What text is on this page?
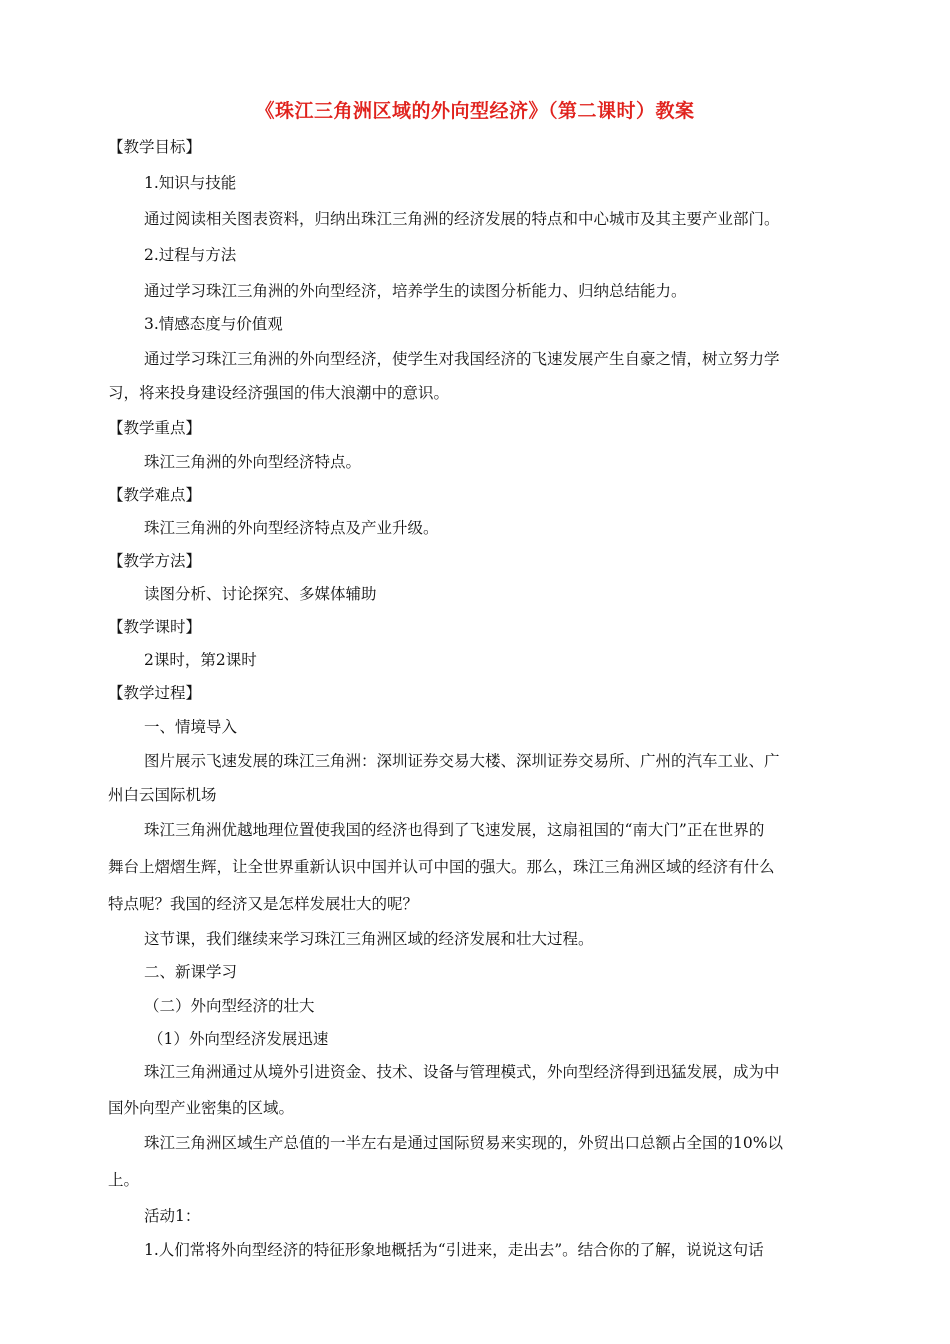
《珠江三角洲区域的外向型经济》（第二课时）教案
【教学目标】
1.知识与技能
通过阅读相关图表资料，归纳出珠江三角洲的经济发展的特点和中心城市及其主要产业部门。
2.过程与方法
通过学习珠江三角洲的外向型经济，培养学生的读图分析能力、归纳总结能力。
3.情感态度与价值观
通过学习珠江三角洲的外向型经济，使学生对我国经济的飞速发展产生自豪之情，树立努力学
习，将来投身建设经济强国的伟大浪潮中的意识。
【教学重点】
珠江三角洲的外向型经济特点。
【教学难点】
珠江三角洲的外向型经济特点及产业升级。
【教学方法】
读图分析、讨论探究、多媒体辅助
【教学课时】
2课时，第2课时
【教学过程】
一、情境导入
图片展示飞速发展的珠江三角洲：深圳证券交易大楼、深圳证券交易所、广州的汽车工业、广
州白云国际机场
珠江三角洲优越地理位置使我国的经济也得到了飞速发展，这扇祖国的“南大门”正在世界的
舞台上熠熠生辉，让全世界重新认识中国并认可中国的强大。那么，珠江三角洲区域的经济有什么
特点呢？我国的经济又是怎样发展壮大的呢？
这节课，我们继续来学习珠江三角洲区域的经济发展和壮大过程。
二、新课学习
（二）外向型经济的壮大
（1）外向型经济发展迅速
珠江三角洲通过从境外引进资金、技术、设备与管理模式，外向型经济得到迅猛发展，成为中
国外向型产业密集的区域。
珠江三角洲区域生产总值的一半左右是通过国际贸易来实现的，外贸出口总额占全国的10%以
上。
活动1：
1.人们常将外向型经济的特征形象地概括为“引进来，走出去”。结合你的了解，说说这句话
